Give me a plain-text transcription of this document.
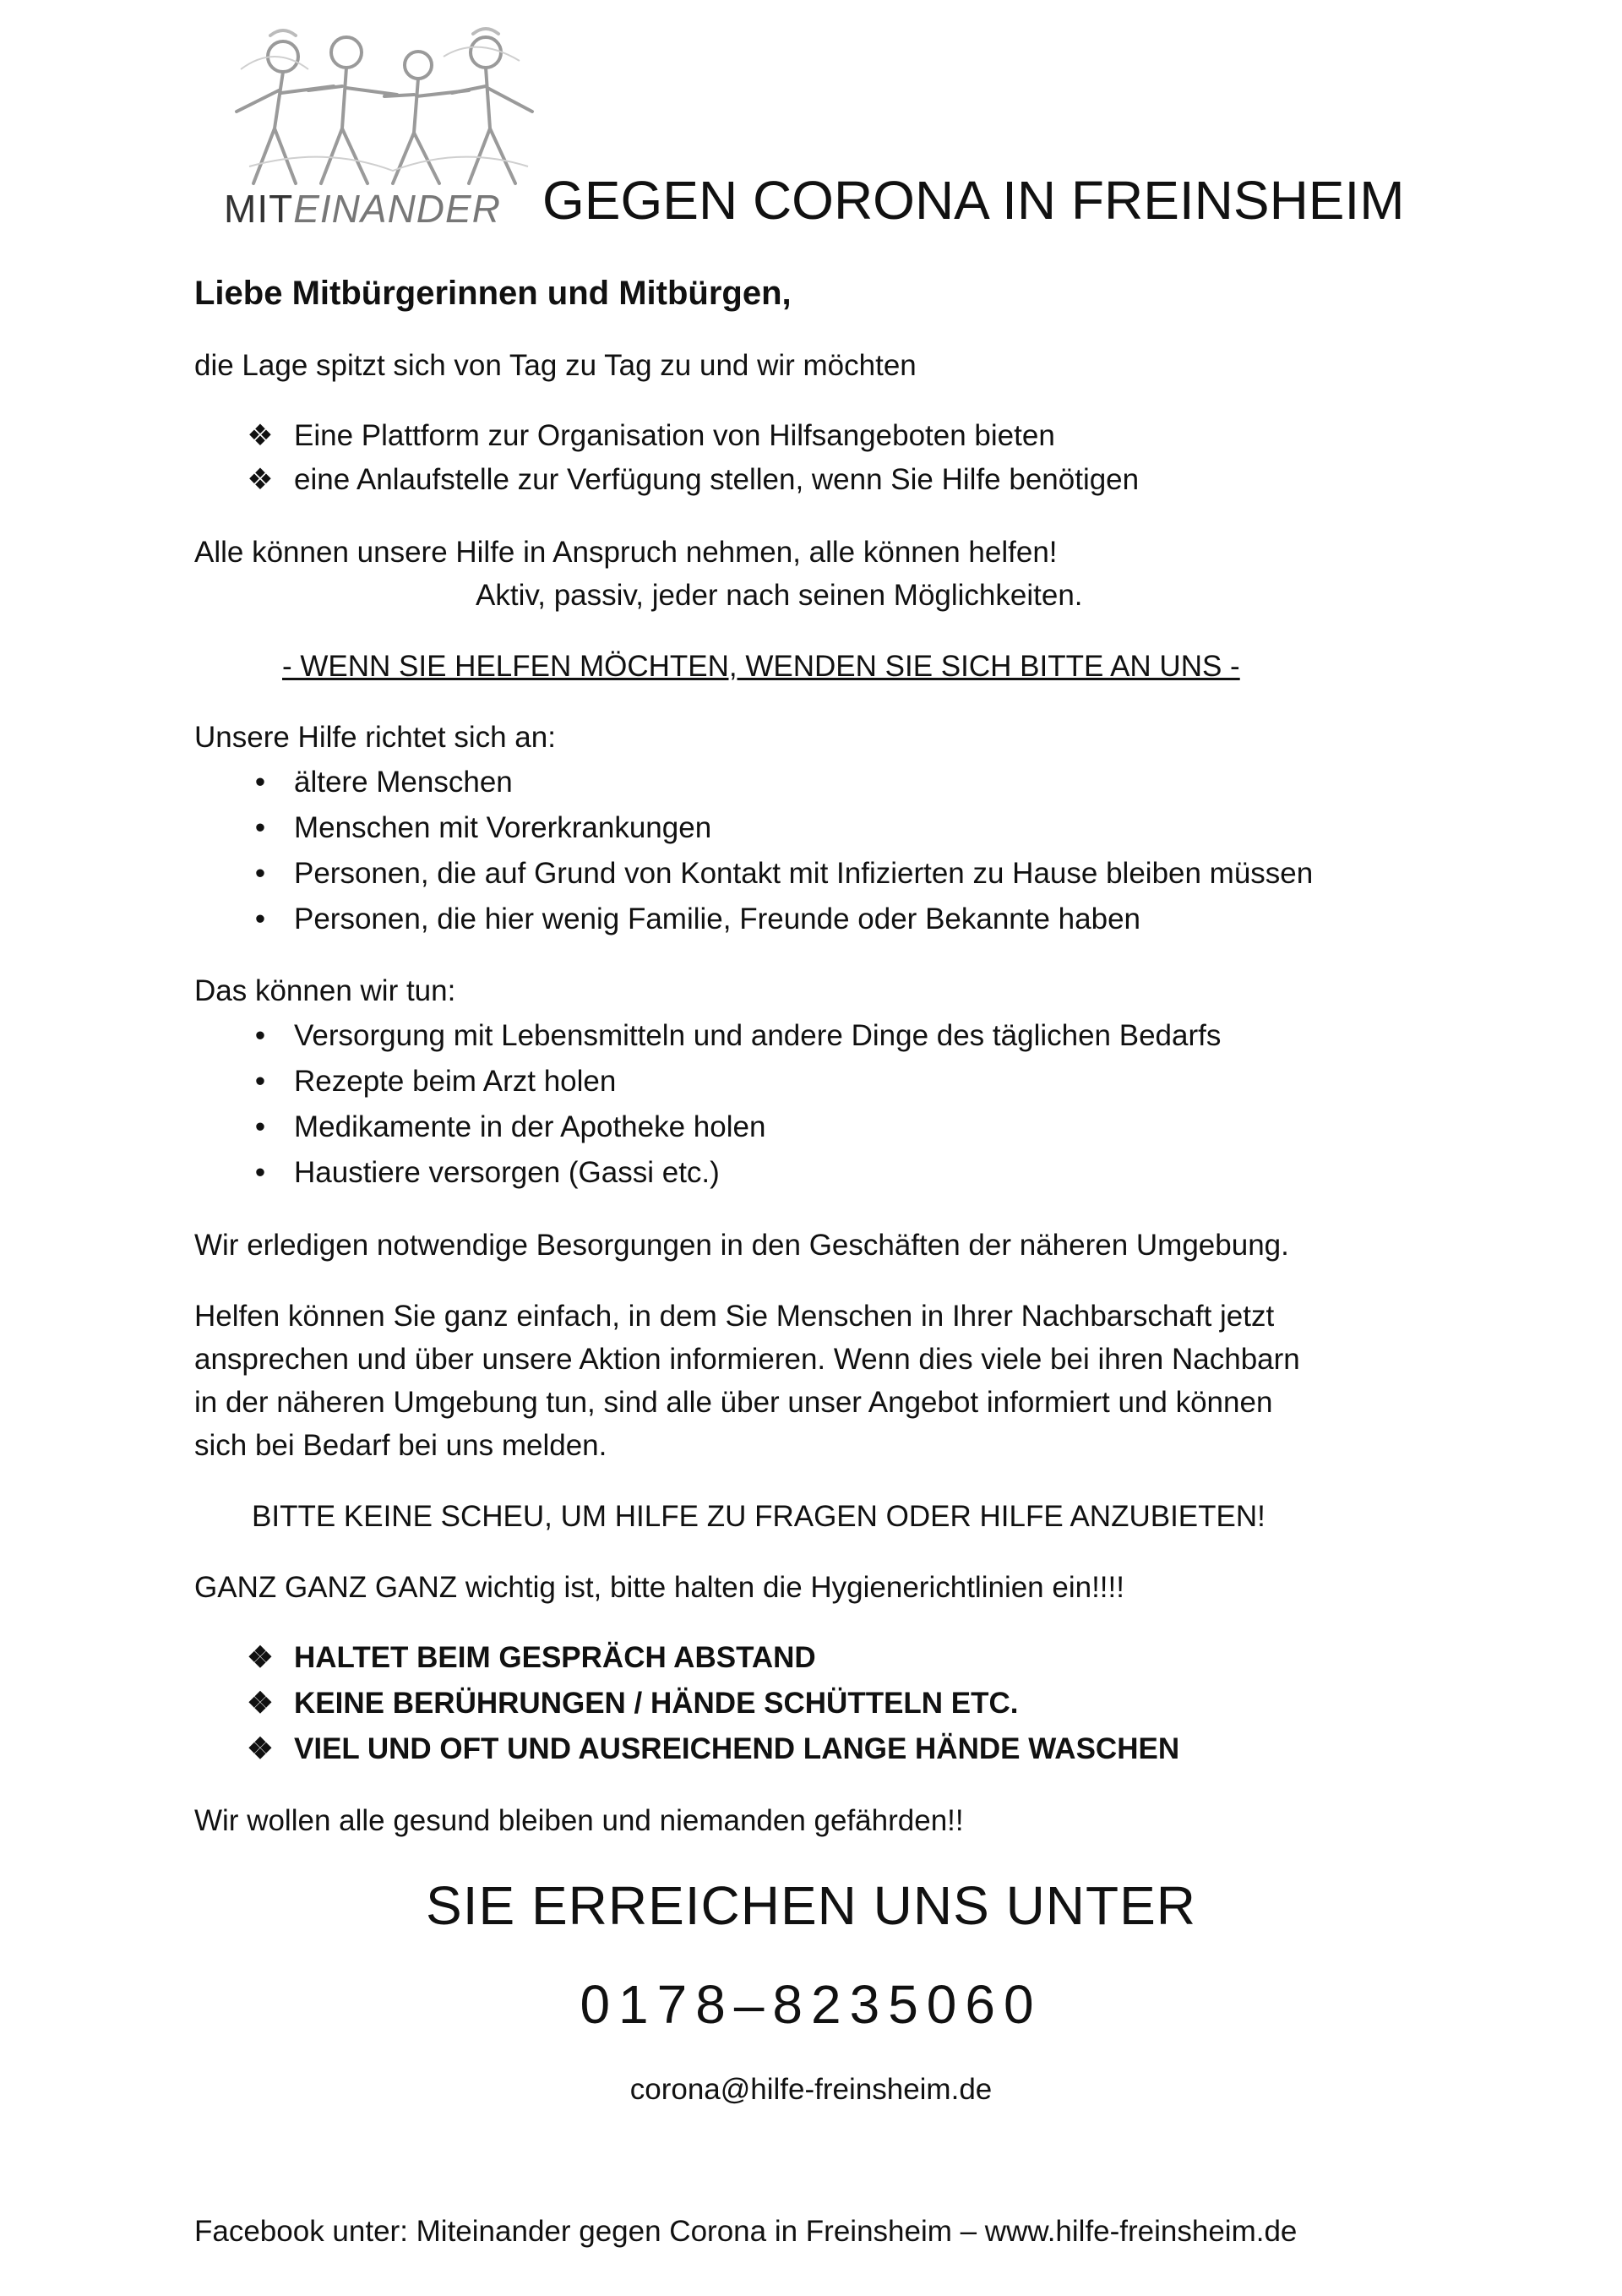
MITEINANDER GEGEN CORONA IN FREINSHEIM
Liebe Mitbürgerinnen und Mitbürgen,
die Lage spitzt sich von Tag zu Tag zu und wir möchten
❖ Eine Plattform zur Organisation von Hilfsangeboten bieten
❖ eine Anlaufstelle zur Verfügung stellen, wenn Sie Hilfe benötigen
Alle können unsere Hilfe in Anspruch nehmen, alle können helfen!
Aktiv, passiv, jeder nach seinen Möglichkeiten.
- WENN SIE HELFEN MÖCHTEN, WENDEN SIE SICH BITTE AN UNS -
Unsere Hilfe richtet sich an:
• ältere Menschen
• Menschen mit Vorerkrankungen
• Personen, die auf Grund von Kontakt mit Infizierten zu Hause bleiben müssen
• Personen, die hier wenig Familie, Freunde oder Bekannte haben
Das können wir tun:
• Versorgung mit Lebensmitteln und andere Dinge des täglichen Bedarfs
• Rezepte beim Arzt holen
• Medikamente in der Apotheke holen
• Haustiere versorgen (Gassi etc.)
Wir erledigen notwendige Besorgungen in den Geschäften der näheren Umgebung.
Helfen können Sie ganz einfach, in dem Sie Menschen in Ihrer Nachbarschaft jetzt
ansprechen und über unsere Aktion informieren. Wenn dies viele bei ihren Nachbarn
in der näheren Umgebung tun, sind alle über unser Angebot informiert und können
sich bei Bedarf bei uns melden.
BITTE KEINE SCHEU, UM HILFE ZU FRAGEN ODER HILFE ANZUBIETEN!
GANZ GANZ GANZ wichtig ist, bitte halten die Hygienerichtlinien ein!!!!
❖ HALTET BEIM GESPRÄCH ABSTAND
❖ KEINE BERÜHRUNGEN / HÄNDE SCHÜTTELN ETC.
❖ VIEL UND OFT UND AUSREICHEND LANGE HÄNDE WASCHEN
Wir wollen alle gesund bleiben und niemanden gefährden!!
SIE ERREICHEN UNS UNTER
0178–8235060
corona@hilfe-freinsheim.de
Facebook unter: Miteinander gegen Corona in Freinsheim – www.hilfe-freinsheim.de
